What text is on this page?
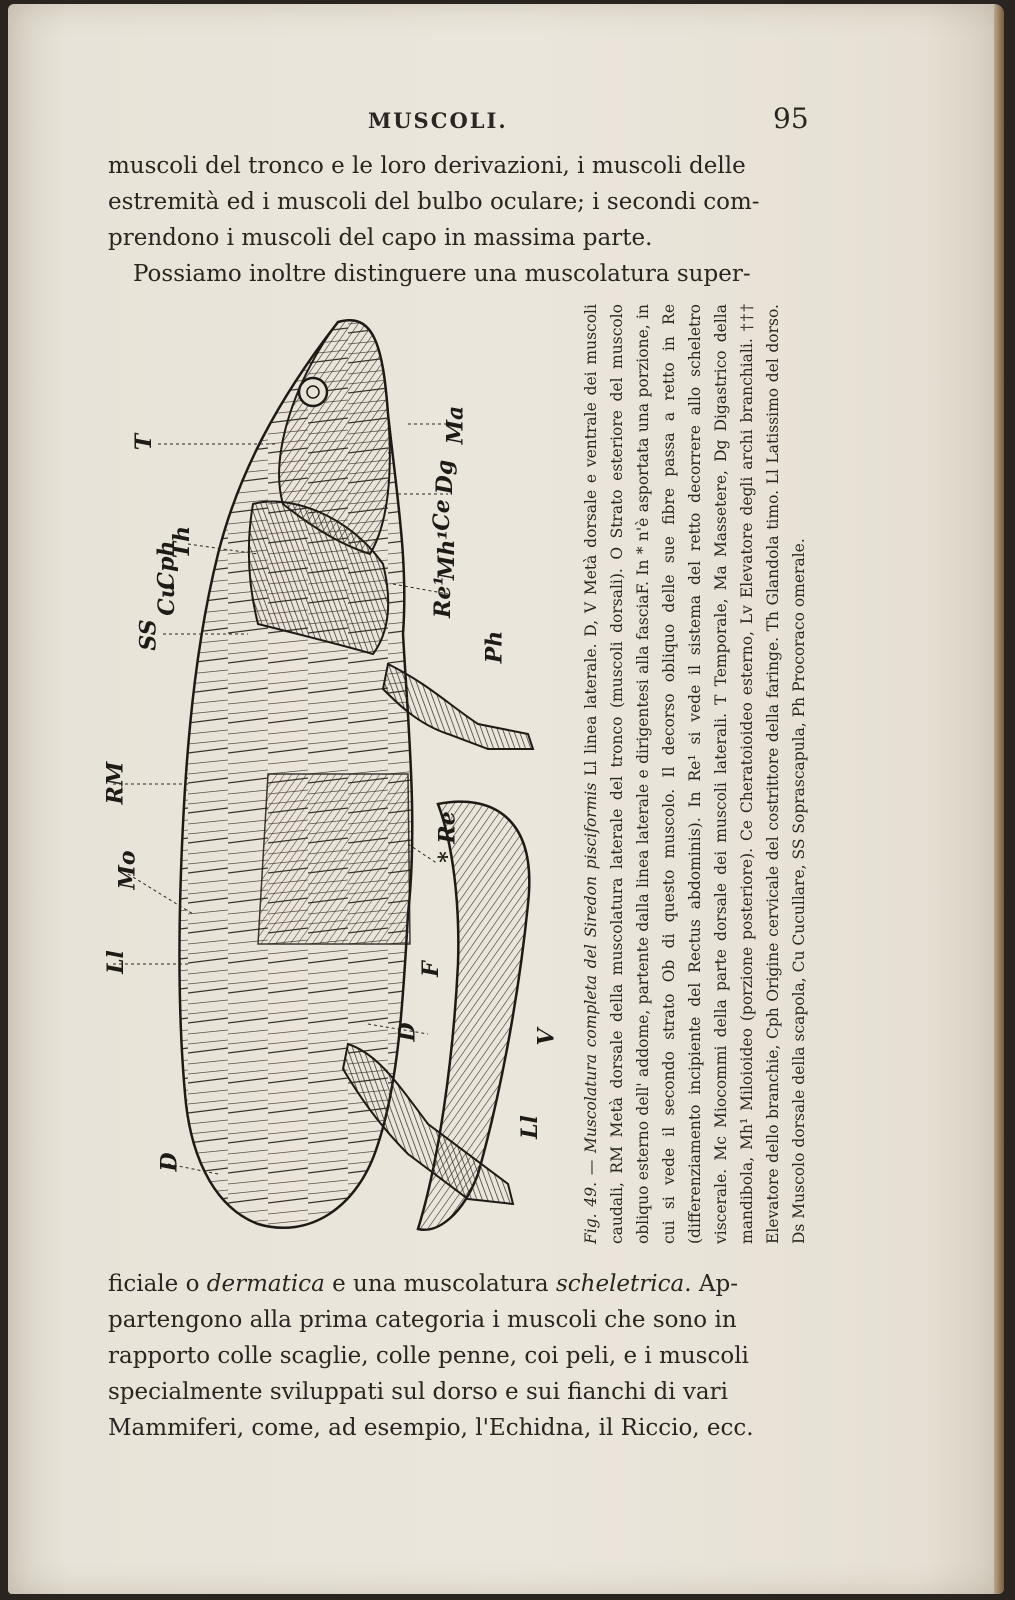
MUSCOLI.	95
muscoli del tronco e le loro derivazioni, i muscoli delle
estremità ed i muscoli del bulbo oculare; i secondi com-
prendono i muscoli del capo in massima parte.
Possiamo inoltre distinguere una muscolatura super-
T
SS
Cu
Cph
Th
RM
Mo
Ll
D
Ma
Dg
Ce
Mh¹
Re¹
Ph
* Re
F
D	V
Ll
Fig. 49. — Muscolatura completa del Siredon pisciformis Ll linea laterale. D, V Metà dorsale e ventrale dei muscoli caudali, RM Metà dorsale della muscolatura laterale del tronco (muscoli dorsali). O Strato esteriore del muscolo obliquo esterno dell' addome, partente dalla linea laterale e dirigentesi alla fasciaF. In * n'è asportata una porzione, in cui si vede il secondo strato Ob di questo muscolo. Il decorso obliquo delle sue fibre passa a retto in Re (differenziamento incipiente del Rectus abdominis). In Re¹ si vede il sistema del retto decorrere allo scheletro viscerale. Mc Miocommi della parte dorsale dei muscoli laterali. T Temporale, Ma Massetere, Dg Digastrico della mandibola, Mh¹ Miloioideo (porzione posteriore). Ce Cheratoioideo esterno, Lv Elevatore degli archi branchiali. ††† Elevatore dello branchie, Cph Origine cervicale del costrittore della faringe. Th Glandola timo. Ll Latissimo del dorso. Ds Muscolo dorsale della scapola, Cu Cucullare, SS Soprascapula, Ph Procoraco omerale.
ficiale o dermatica e una muscolatura scheletrica. Ap-
partengono alla prima categoria i muscoli che sono in
rapporto colle scaglie, colle penne, coi peli, e i muscoli
specialmente sviluppati sul dorso e sui fianchi di vari
Mammiferi, come, ad esempio, l'Echidna, il Riccio, ecc.
